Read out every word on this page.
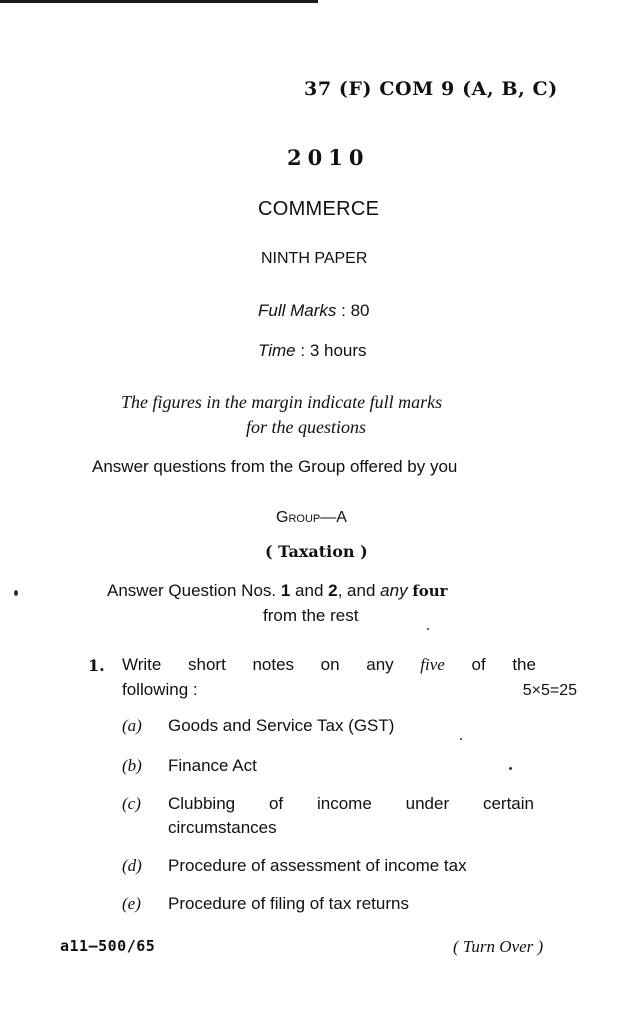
37 (F) COM 9 (A, B, C)
2010
COMMERCE
NINTH PAPER
Full Marks : 80
Time : 3 hours
The figures in the margin indicate full marks
for the questions
Answer questions from the Group offered by you
Group—A
( Taxation )
Answer Question Nos. 1 and 2, and any four
from the rest
1. Write short notes on any five of the
following :	5×5=25
(a) Goods and Service Tax (GST)
(b) Finance Act
(c) Clubbing of income under certain
circumstances
(d) Procedure of assessment of income tax
(e) Procedure of filing of tax returns
a11—500/65	( Turn Over )
